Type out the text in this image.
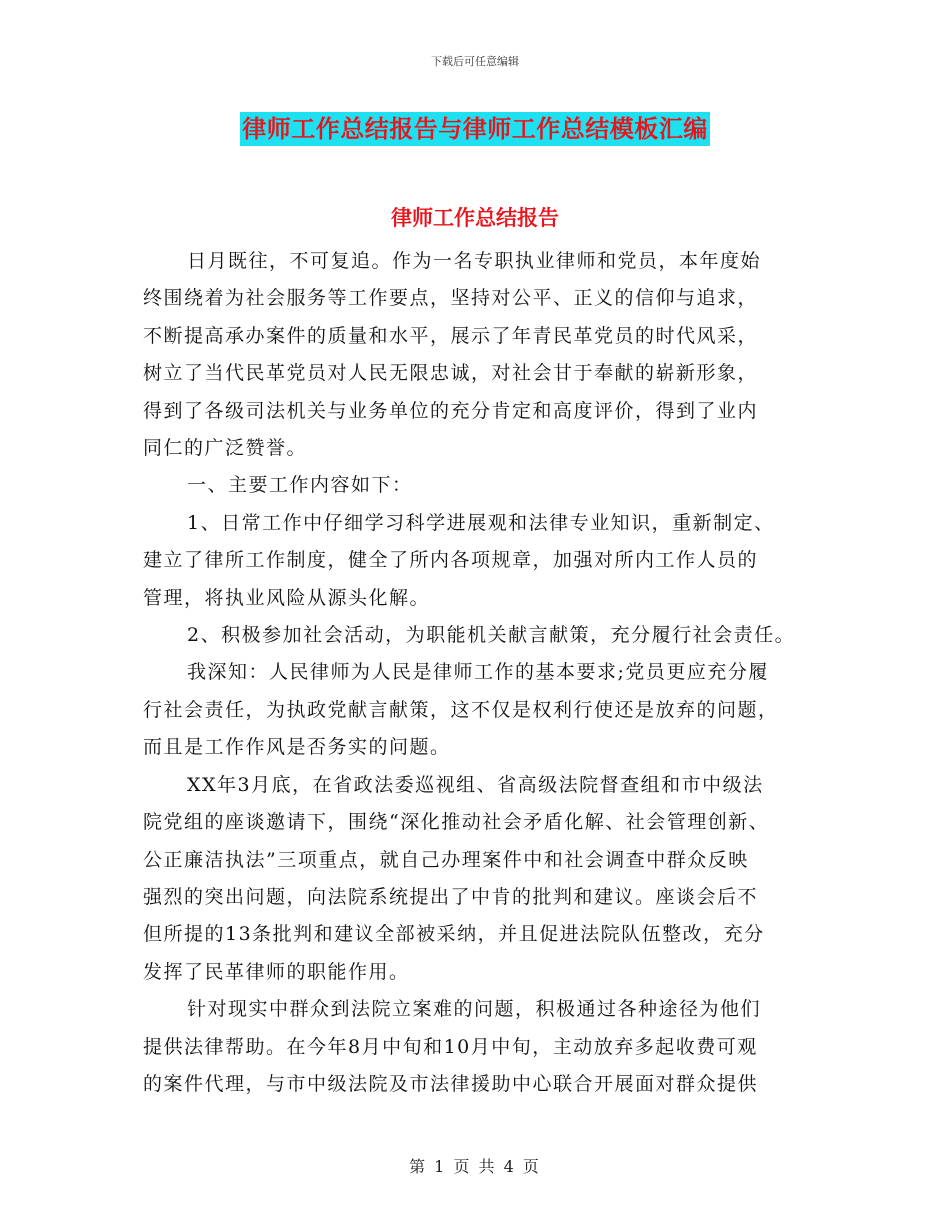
下载后可任意编辑
律师工作总结报告与律师工作总结模板汇编
律师工作总结报告

日月既往，不可复追。作为一名专职执业律师和党员，本年度始
终围绕着为社会服务等工作要点，坚持对公平、正义的信仰与追求，
不断提高承办案件的质量和水平，展示了年青民革党员的时代风采，
树立了当代民革党员对人民无限忠诚，对社会甘于奉献的崭新形象，
得到了各级司法机关与业务单位的充分肯定和高度评价，得到了业内
同仁的广泛赞誉。

一、主要工作内容如下：

1、日常工作中仔细学习科学进展观和法律专业知识，重新制定、
建立了律所工作制度，健全了所内各项规章，加强对所内工作人员的
管理，将执业风险从源头化解。

2、积极参加社会活动，为职能机关献言献策，充分履行社会责任。

我深知：人民律师为人民是律师工作的基本要求;党员更应充分履
行社会责任，为执政党献言献策，这不仅是权利行使还是放弃的问题，
而且是工作作风是否务实的问题。

XX年3月底，在省政法委巡视组、省高级法院督查组和市中级法
院党组的座谈邀请下，围绕“深化推动社会矛盾化解、社会管理创新、
公正廉洁执法”三项重点，就自己办理案件中和社会调查中群众反映
强烈的突出问题，向法院系统提出了中肯的批判和建议。座谈会后不
但所提的13条批判和建议全部被采纳，并且促进法院队伍整改，充分
发挥了民革律师的职能作用。

针对现实中群众到法院立案难的问题，积极通过各种途径为他们
提供法律帮助。在今年8月中旬和10月中旬，主动放弃多起收费可观
的案件代理，与市中级法院及市法律援助中心联合开展面对群众提供

第 1 页 共 4 页
